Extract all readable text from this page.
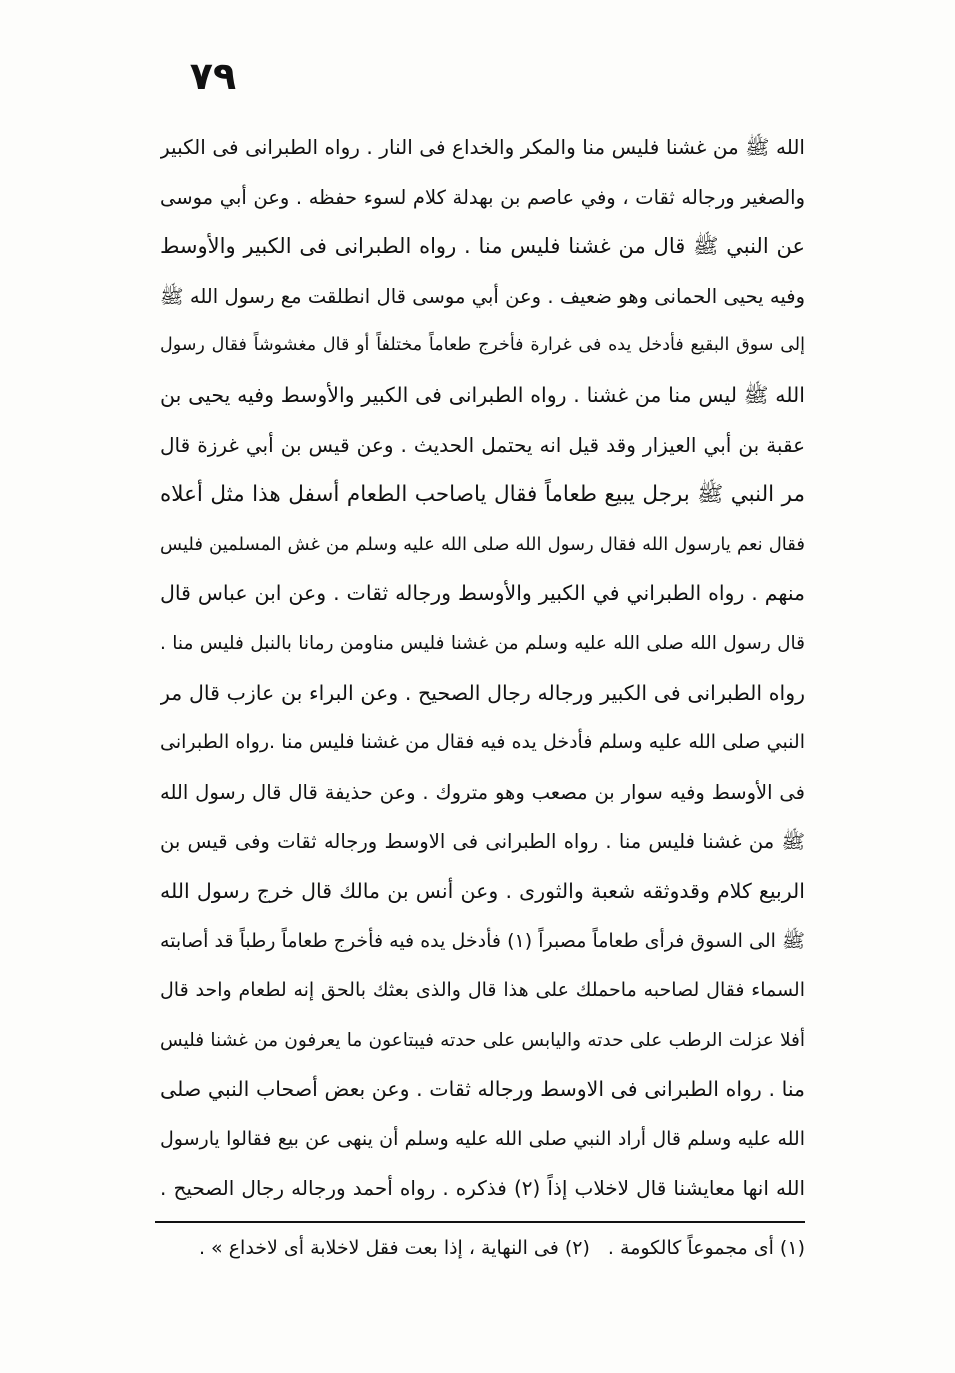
٧٩
الله ﷺ من غشنا فليس منا والمكر والخداع فى النار . رواه الطبرانى فى الكبير
والصغير ورجاله ثقات ، وفي عاصم بن بهدلة كلام لسوء حفظه . وعن أبي موسى
عن النبي ﷺ قال من غشنا فليس منا . رواه الطبرانى فى الكبير والأوسط
وفيه يحيى الحمانى وهو ضعيف . وعن أبي موسى قال انطلقت مع رسول الله ﷺ
إلى سوق البقيع فأدخل يده فى غرارة فأخرج طعاماً مختلفاً أو قال مغشوشاً فقال رسول
الله ﷺ ليس منا من غشنا . رواه الطبرانى فى الكبير والأوسط وفيه يحيى بن
عقبة بن أبي العيزار وقد قيل انه يحتمل الحديث . وعن قيس بن أبي غرزة قال
مر النبي ﷺ برجل يبيع طعاماً فقال ياصاحب الطعام أسفل هذا مثل أعلاه
فقال نعم يارسول الله فقال رسول الله صلى الله عليه وسلم من غش المسلمين فليس
منهم . رواه الطبراني في الكبير والأوسط ورجاله ثقات . وعن ابن عباس قال
قال رسول الله صلى الله عليه وسلم من غشنا فليس مناومن رمانا بالنبل فليس منا .
رواه الطبرانى فى الكبير ورجاله رجال الصحيح . وعن البراء بن عازب قال مر
النبي صلى الله عليه وسلم فأدخل يده فيه فقال من غشنا فليس منا .رواه الطبرانى
فى الأوسط وفيه سوار بن مصعب وهو متروك . وعن حذيفة قال قال رسول الله
ﷺ من غشنا فليس منا . رواه الطبرانى فى الاوسط ورجاله ثقات وفى قيس بن
الربيع كلام وقدوثقه شعبة والثورى . وعن أنس بن مالك قال خرج رسول الله
ﷺ الى السوق فرأى طعاماً مصبراً (١) فأدخل يده فيه فأخرج طعاماً رطباً قد أصابته
السماء فقال لصاحبه ماحملك على هذا قال والذى بعثك بالحق إنه لطعام واحد قال
أفلا عزلت الرطب على حدته واليابس على حدته فيبتاعون ما يعرفون من غشنا فليس
منا . رواه الطبرانى فى الاوسط ورجاله ثقات . وعن بعض أصحاب النبي صلى
الله عليه وسلم قال أراد النبي صلى الله عليه وسلم أن ينهى عن بيع فقالوا يارسول
الله انها معايشنا قال لاخلاب إذاً (٢) فذكره . رواه أحمد ورجاله رجال الصحيح .
(١) أى مجموعاً كالكومة .
(٢) فى النهاية ، إذا بعت فقل لاخلابة أى لاخداع » .
